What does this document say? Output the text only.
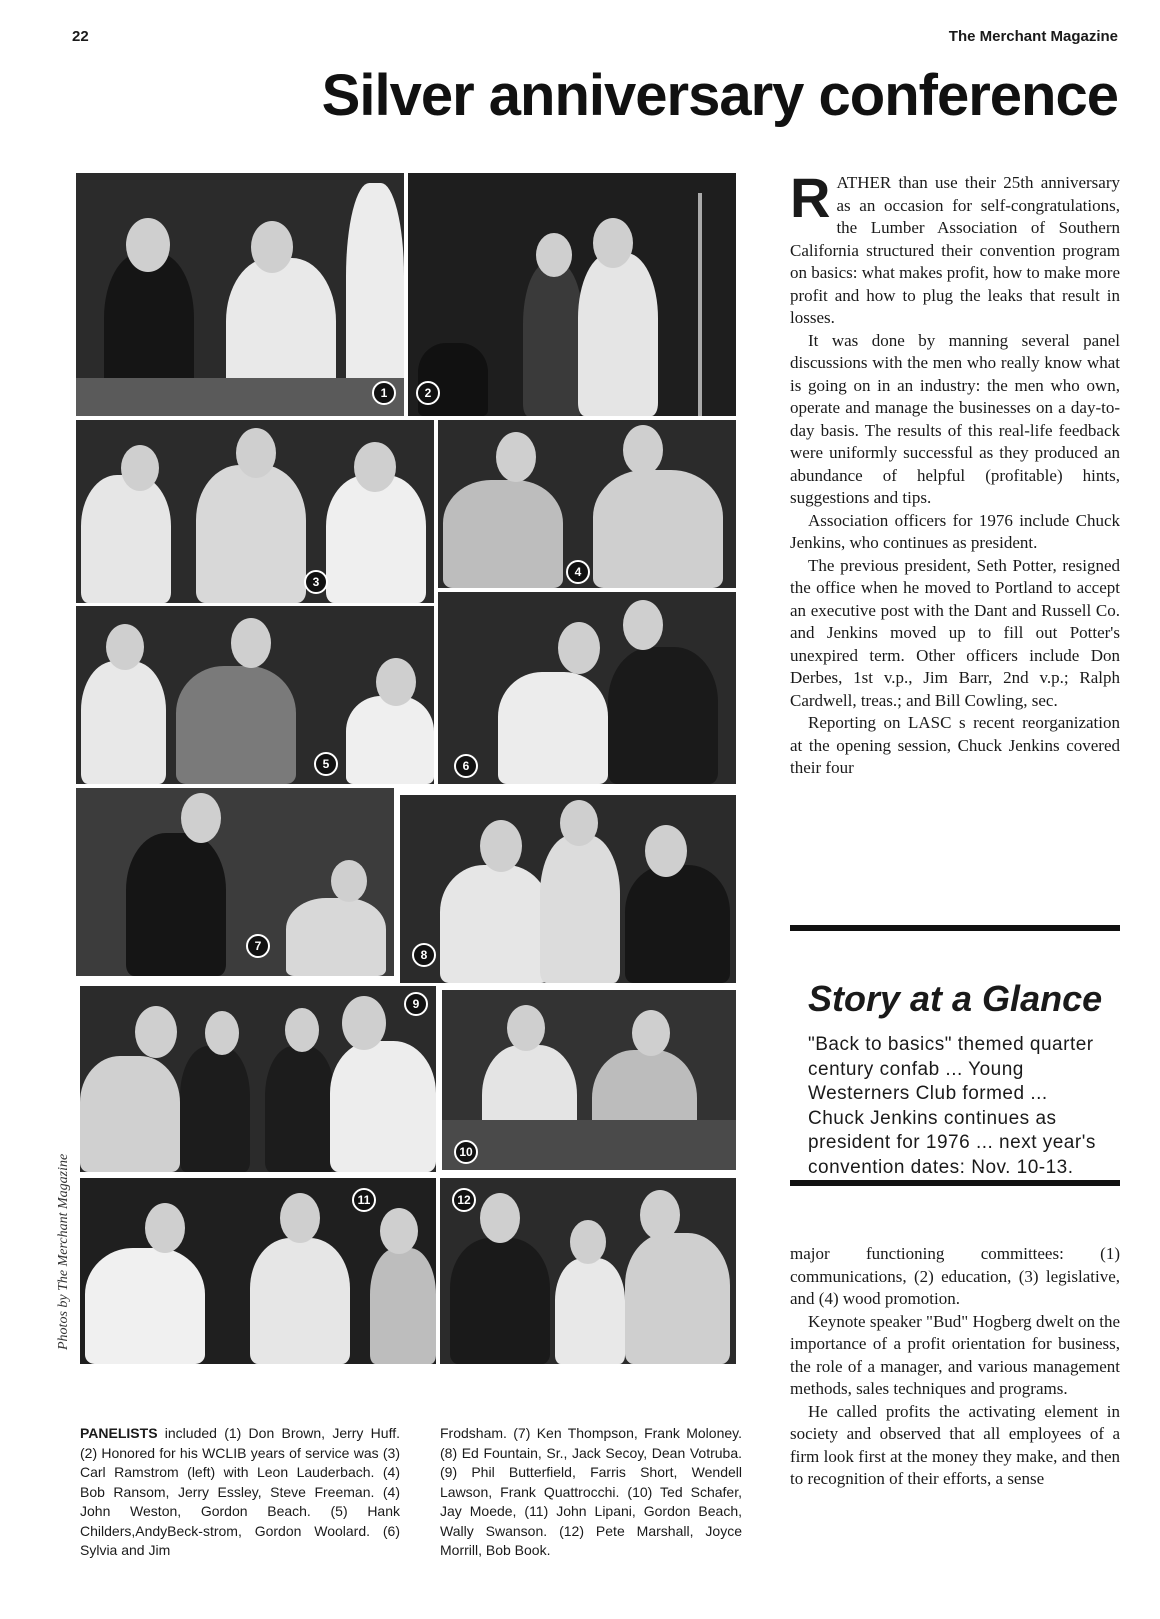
22	The Merchant Magazine
Silver anniversary conference
1	2
3
4
5	6
7
8
9
10
11	12
Photos by The Merchant Magazine

PANELISTS included (1) Don Brown, Jerry Huff. (2) Honored for his WCLIB years of service was (3) Carl Ramstrom (left) with Leon Lauderbach. (4) Bob Ransom, Jerry Essley, Steve Freeman. (4) John Weston, Gordon Beach. (5) Hank Childers,AndyBeck-strom, Gordon Woolard. (6) Sylvia and Jim

Frodsham. (7) Ken Thompson, Frank Moloney. (8) Ed Fountain, Sr., Jack Secoy, Dean Votruba. (9) Phil Butterfield, Farris Short, Wendell Lawson, Frank Quattrocchi. (10) Ted Schafer, Jay Moede, (11) John Lipani, Gordon Beach, Wally Swanson. (12) Pete Marshall, Joyce Morrill, Bob Book.

RATHER than use their 25th anniversary as an occasion for self-congratulations, the Lumber Association of Southern California structured their convention program on basics: what makes profit, how to make more profit and how to plug the leaks that result in losses.

It was done by manning several panel discussions with the men who really know what is going on in an industry: the men who own, operate and manage the businesses on a day-to-day basis. The results of this real-life feedback were uniformly successful as they produced an abundance of helpful (profitable) hints, suggestions and tips.

Association officers for 1976 include Chuck Jenkins, who continues as president.

The previous president, Seth Potter, resigned the office when he moved to Portland to accept an executive post with the Dant and Russell Co. and Jenkins moved up to fill out Potter's unexpired term. Other officers include Don Derbes, 1st v.p., Jim Barr, 2nd v.p.; Ralph Cardwell, treas.; and Bill Cowling, sec.

Reporting on LASC s recent reorganization at the opening session, Chuck Jenkins covered their four

Story at a Glance

"Back to basics" themed quarter century confab ... Young Westerners Club formed ... Chuck Jenkins continues as president for 1976 ... next year's convention dates: Nov. 10-13.

major functioning committees: (1) communications, (2) education, (3) legislative, and (4) wood promotion.

Keynote speaker "Bud" Hogberg dwelt on the importance of a profit orientation for business, the role of a manager, and various management methods, sales techniques and programs.

He called profits the activating element in society and observed that all employees of a firm look first at the money they make, and then to recognition of their efforts, a sense
